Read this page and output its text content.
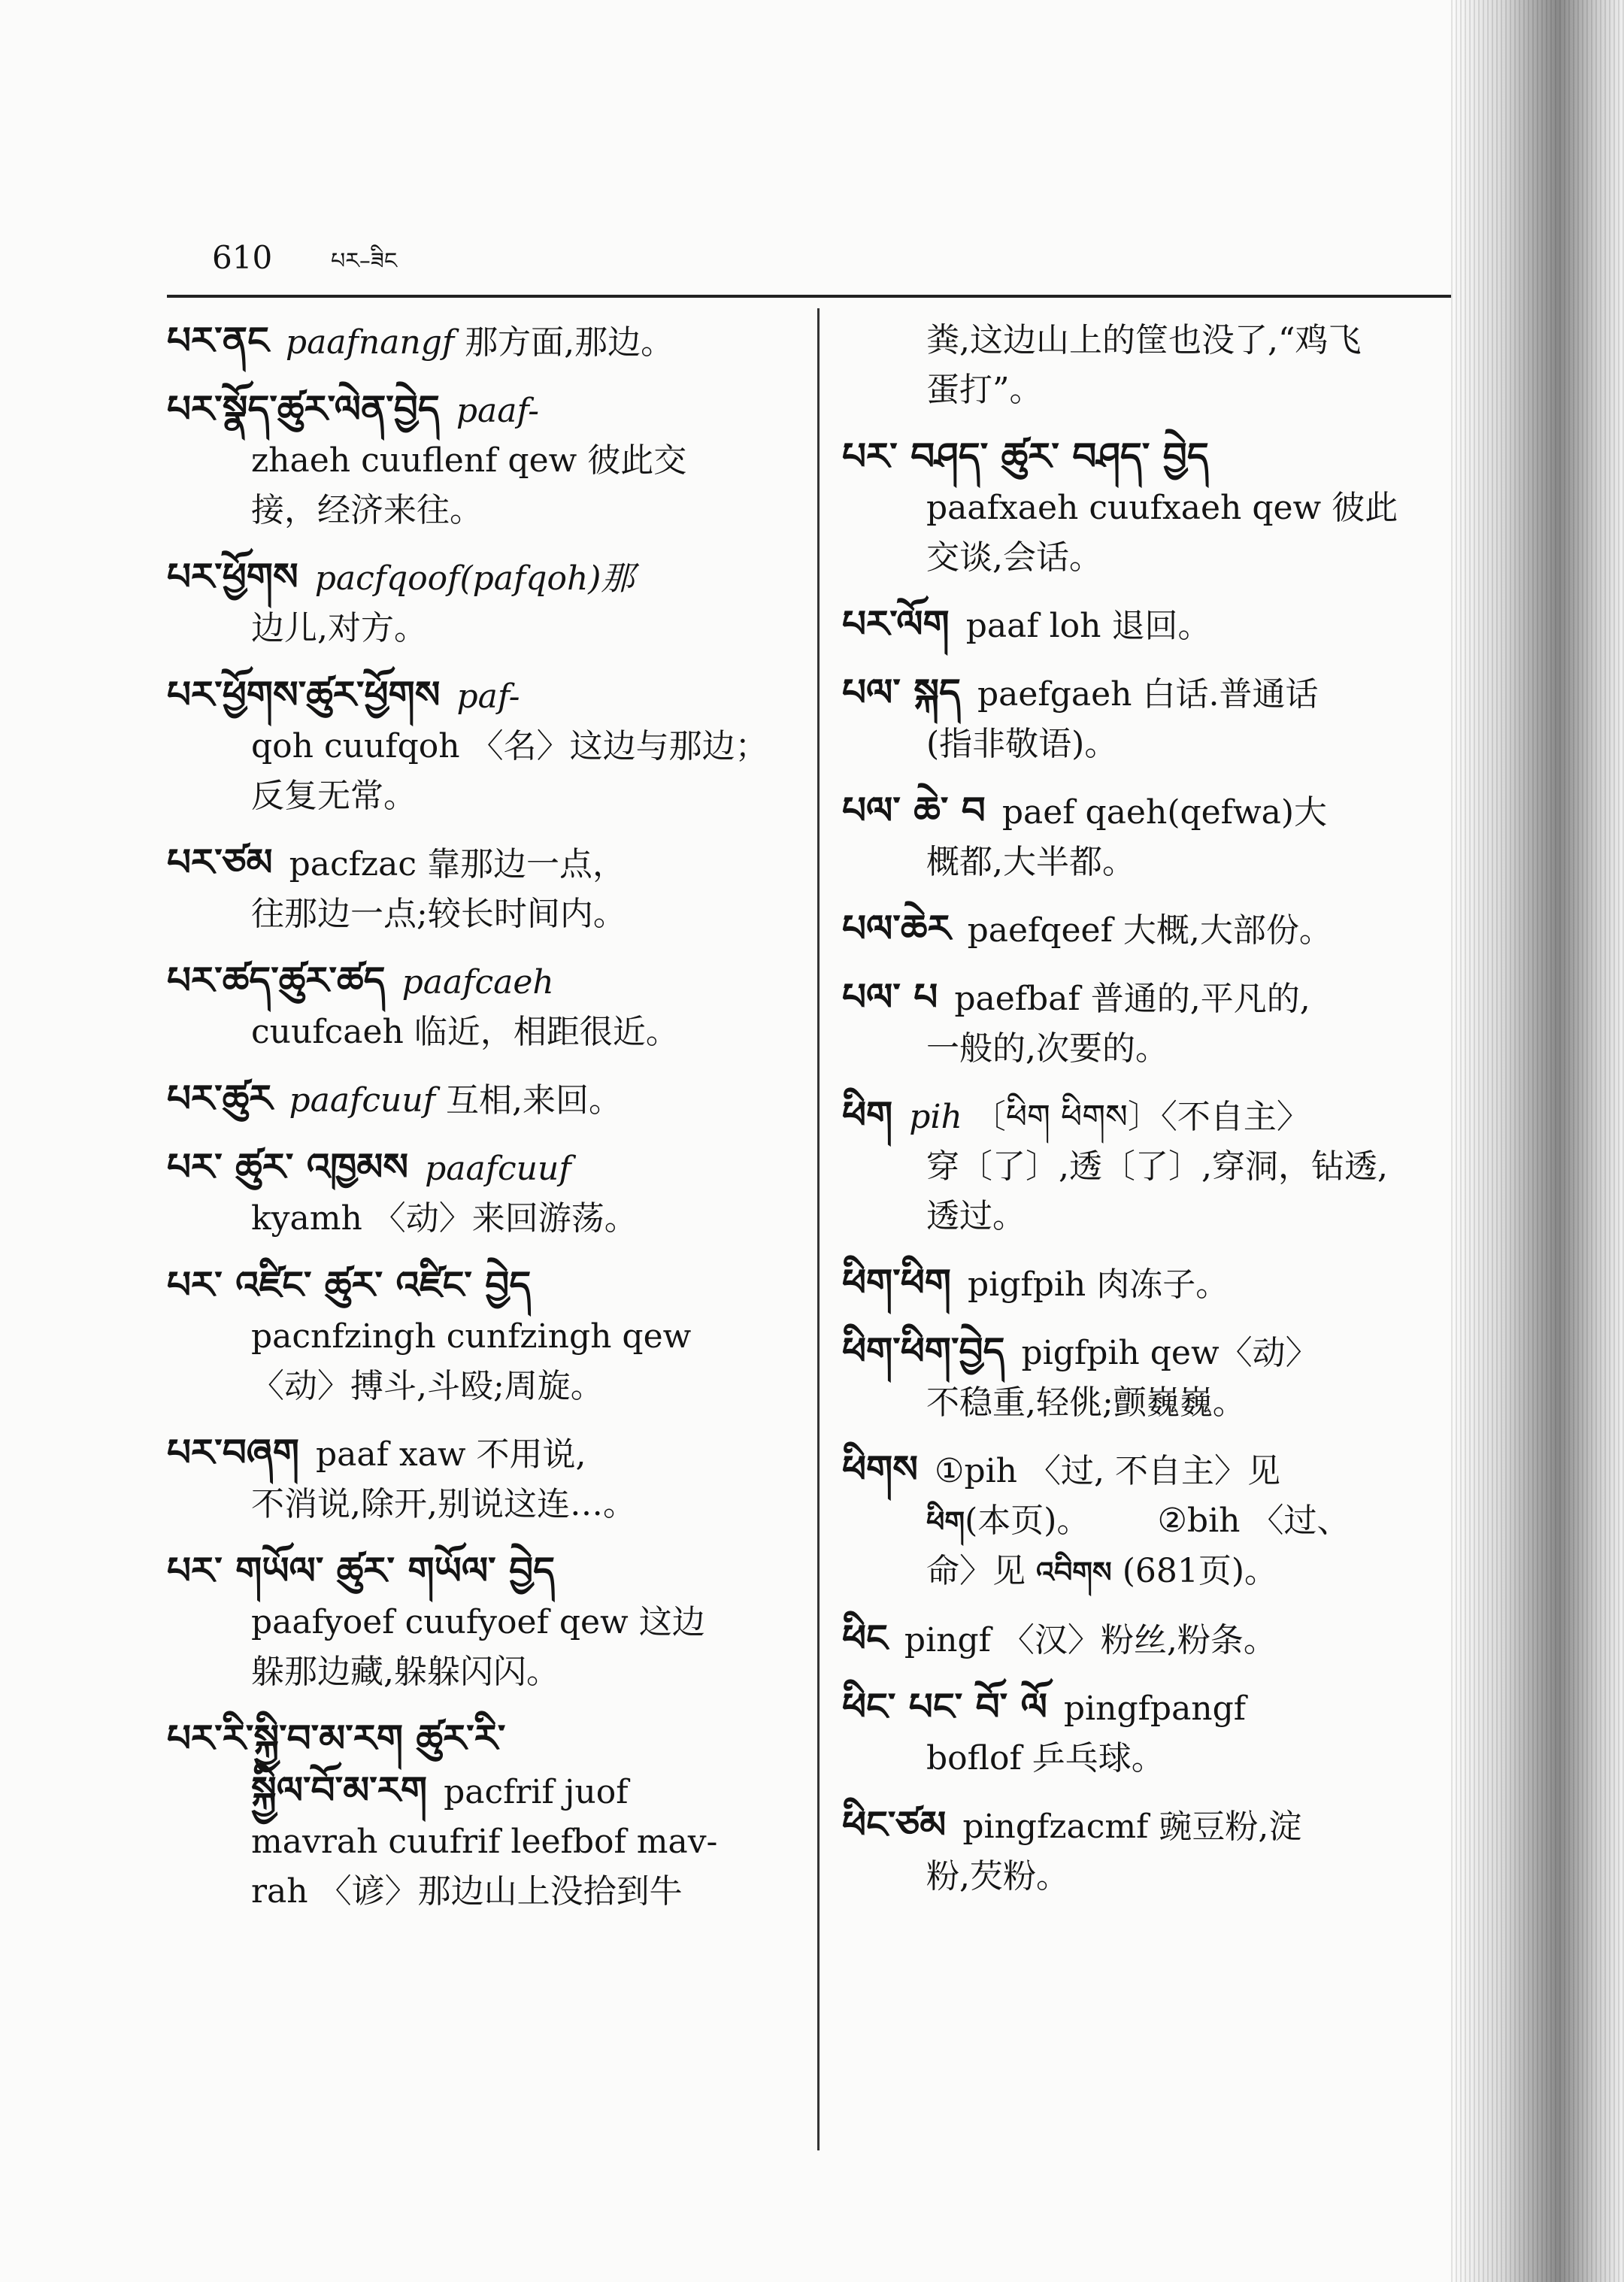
610	པར–ཟིང
པར་ནང paafnangf 那方面,那边。
པར་སྣོད་ཚུར་ལེན་བྱེད paaf-
zhaeh cuuflenf qew 彼此交
接，经济来往。
པར་ཕྱོགས pacfqoof(pafqoh)那
边儿,对方。
པར་ཕྱོགས་ཚུར་ཕྱོགས paf-
qoh cuufqoh 〈名〉这边与那边；
反复无常。
པར་ཙམ pacfzac 靠那边一点，
往那边一点;较长时间内。
པར་ཚད་ཚུར་ཚད paafcaeh
cuufcaeh 临近，相距很近。
པར་ཚུར paafcuuf 互相,来回。
པར་ ཚུར་ འཁྱམས paafcuuf
kyamh 〈动〉来回游荡。
པར་ འཛིང་ ཚུར་ འཛིང་ བྱེད
pacnfzingh cunfzingh qew
〈动〉搏斗,斗殴;周旋。
པར་བཞག paaf xaw 不用说,
不消说,除开,别说这连…。
པར་ གཡོལ་ ཚུར་ གཡོལ་ བྱེད
paafyoef cuufyoef qew 这边
躲那边藏,躲躲闪闪。
པར་རི་སྐྱི་བ་མ་རག ཚུར་རི་
སྐྱིལ་བོ་མ་རག pacfrif juof
mavrah cuufrif leefbof mav-
rah 〈谚〉那边山上没拾到牛
粪,这边山上的筐也没了,“鸡飞
蛋打”。
པར་ བཤད་ ཚུར་ བཤད་ བྱེད
paafxaeh cuufxaeh qew 彼此
交谈,会话。
པར་ལོག paaf loh 退回。
པལ་ སྐད paefgaeh 白话.普通话
(指非敬语)。
པལ་ ཆེ་ བ paef qaeh(qefwa)大
概都,大半都。
པལ་ཆེར paefqeef 大概,大部份。
པལ་ པ paefbaf 普通的,平凡的,
一般的,次要的。
ཕིག pih 〔ཕིག ཕིགས〕〈不自主〉
穿〔了〕,透〔了〕,穿洞，钻透,
透过。
ཕིག་ཕིག pigfpih 肉冻子。
ཕིག་ཕིག་བྱེད pigfpih qew〈动〉
不稳重,轻佻;颤巍巍。
ཕིགས ①pih 〈过, 不自主〉见
ཕིག(本页)。 ②bih 〈过、
命〉见 འབིགས (681页)。
ཕིང pingf 〈汉〉粉丝,粉条。
ཕིང་ པང་ བོ་ ལོ pingfpangf
boflof 乒乓球。
ཕིང་ཙམ pingfzacmf 豌豆粉,淀
粉,芡粉。
